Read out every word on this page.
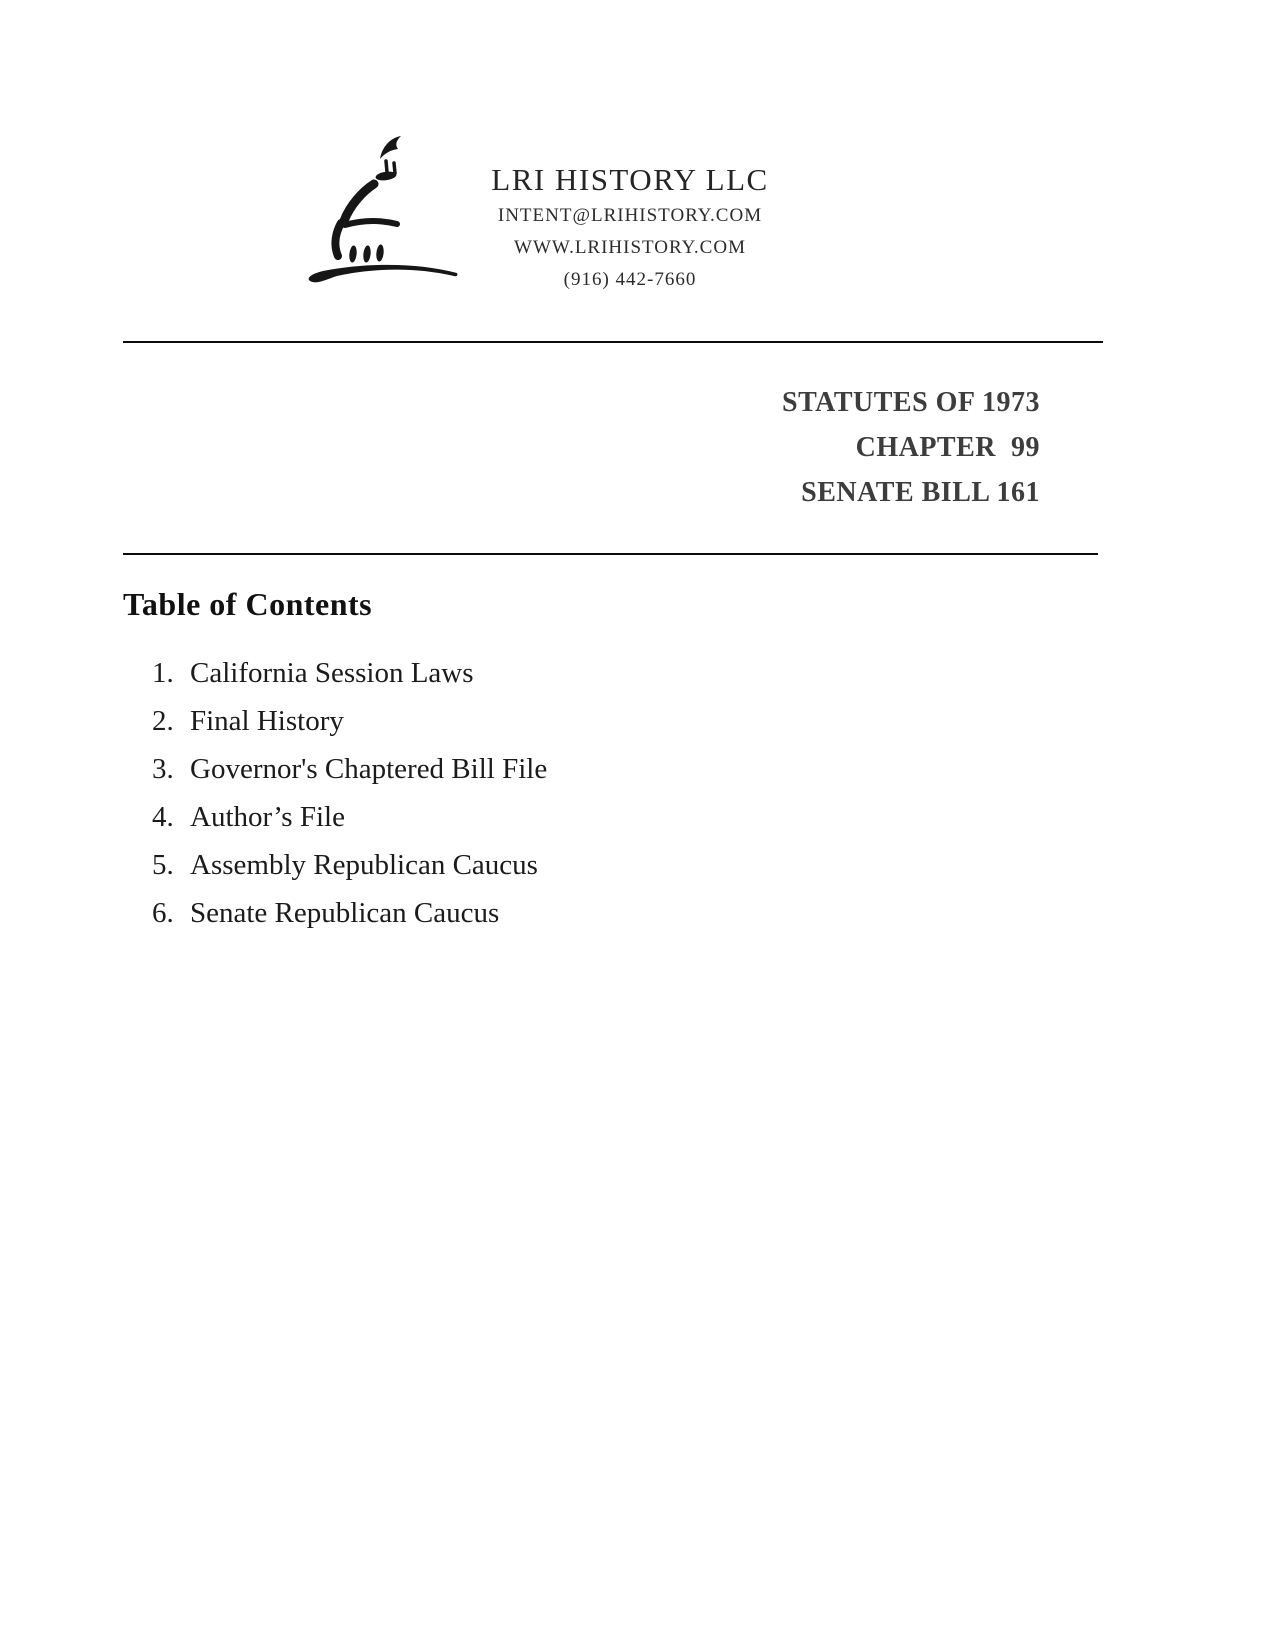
LRI HISTORY LLC
INTENT@LRIHISTORY.COM
WWW.LRIHISTORY.COM
(916) 442-7660
STATUTES OF 1973
CHAPTER  99
SENATE BILL 161
Table of Contents
1. California Session Laws
2. Final History
3. Governor's Chaptered Bill File
4. Author’s File
5. Assembly Republican Caucus
6. Senate Republican Caucus
